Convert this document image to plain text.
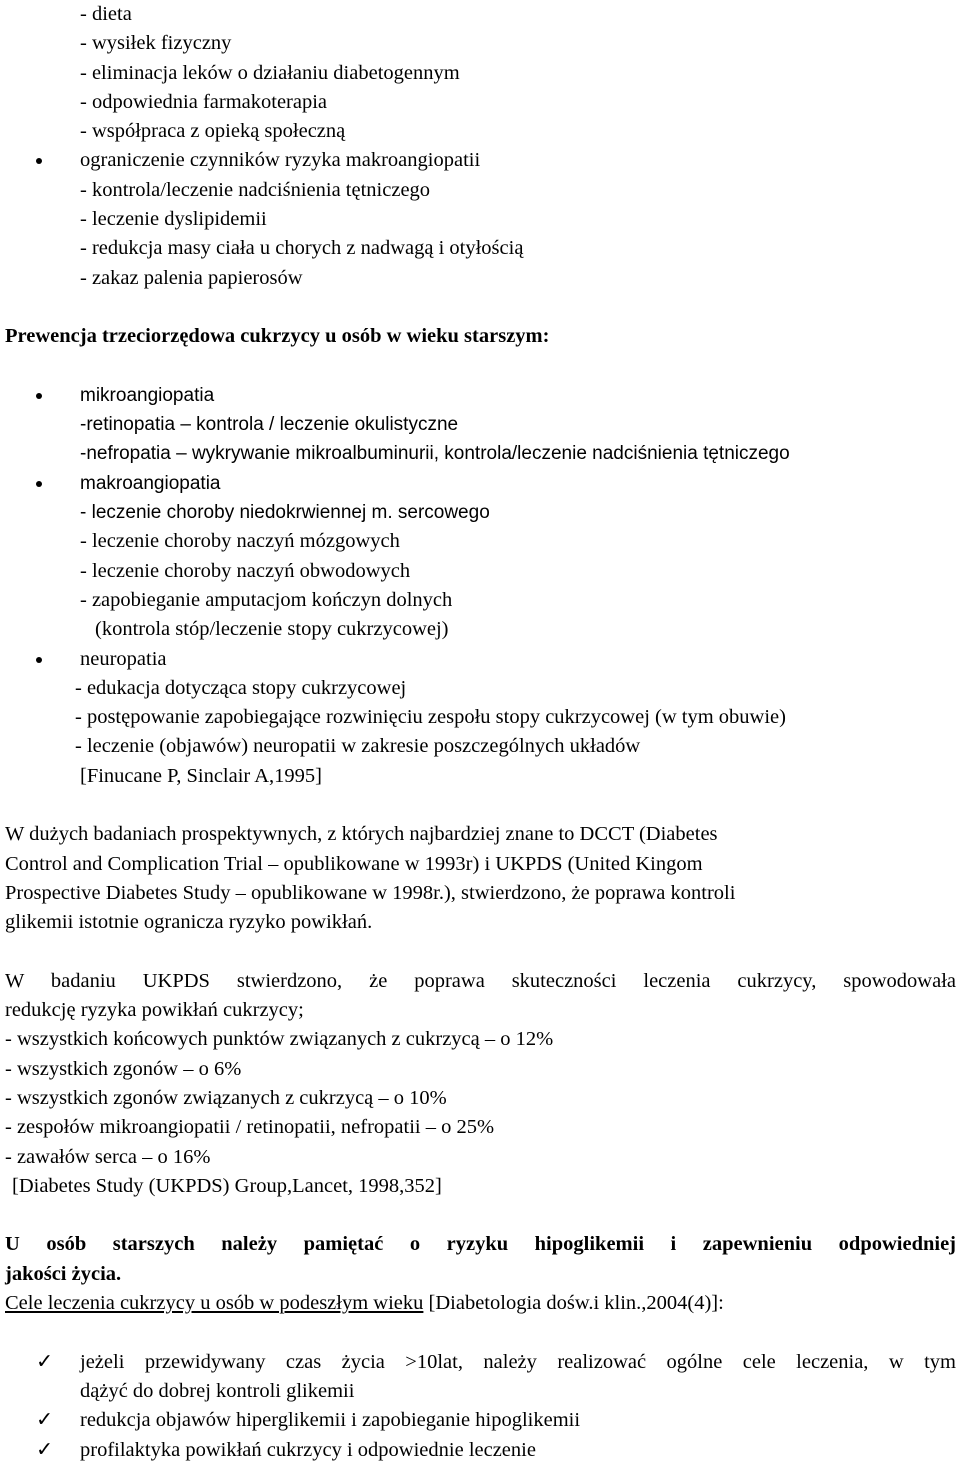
- dieta
- wysiłek fizyczny
- eliminacja leków o działaniu diabetogennym
- odpowiednia farmakoterapia
- współpraca z opieką społeczną
ograniczenie czynników ryzyka makroangiopatii
- kontrola/leczenie nadciśnienia tętniczego
- leczenie dyslipidemii
- redukcja masy ciała u chorych z nadwagą i otyłością
- zakaz palenia papierosów
Prewencja trzeciorzędowa cukrzycy u osób w wieku starszym:
mikroangiopatia
-retinopatia – kontrola / leczenie okulistyczne
-nefropatia – wykrywanie mikroalbuminurii, kontrola/leczenie nadciśnienia tętniczego
makroangiopatia
- leczenie choroby niedokrwiennej m. sercowego
- leczenie choroby naczyń mózgowych
- leczenie choroby naczyń obwodowych
- zapobieganie amputacjom kończyn dolnych
(kontrola stóp/leczenie stopy cukrzycowej)
neuropatia
- edukacja dotycząca stopy cukrzycowej
- postępowanie zapobiegające rozwinięciu zespołu stopy cukrzycowej (w tym obuwie)
- leczenie (objawów) neuropatii w zakresie poszczególnych układów
[Finucane P, Sinclair A,1995]
W dużych badaniach prospektywnych, z których najbardziej znane to DCCT (Diabetes
Control and Complication Trial – opublikowane w 1993r) i UKPDS (United Kingom
Prospective Diabetes Study – opublikowane w 1998r.), stwierdzono, że poprawa kontroli
glikemii istotnie ogranicza ryzyko powikłań.
W badaniu UKPDS stwierdzono, że poprawa skuteczności leczenia cukrzycy, spowodowała
redukcję ryzyka powikłań cukrzycy;
- wszystkich końcowych punktów związanych z cukrzycą – o 12%
- wszystkich zgonów – o 6%
- wszystkich zgonów związanych z cukrzycą – o 10%
- zespołów mikroangiopatii / retinopatii, nefropatii – o 25%
- zawałów serca – o 16%
[Diabetes Study (UKPDS) Group,Lancet, 1998,352]
U osób starszych należy pamiętać o ryzyku hipoglikemii i zapewnieniu odpowiedniej
jakości życia.
Cele leczenia cukrzycy u osób w podeszłym wieku [Diabetologia dośw.i klin.,2004(4)]:
✓ jeżeli przewidywany czas życia >10lat, należy realizować ogólne cele leczenia, w tym
dążyć do dobrej kontroli glikemii
✓ redukcja objawów hiperglikemii i zapobieganie hipoglikemii
✓ profilaktyka powikłań cukrzycy i odpowiednie leczenie
